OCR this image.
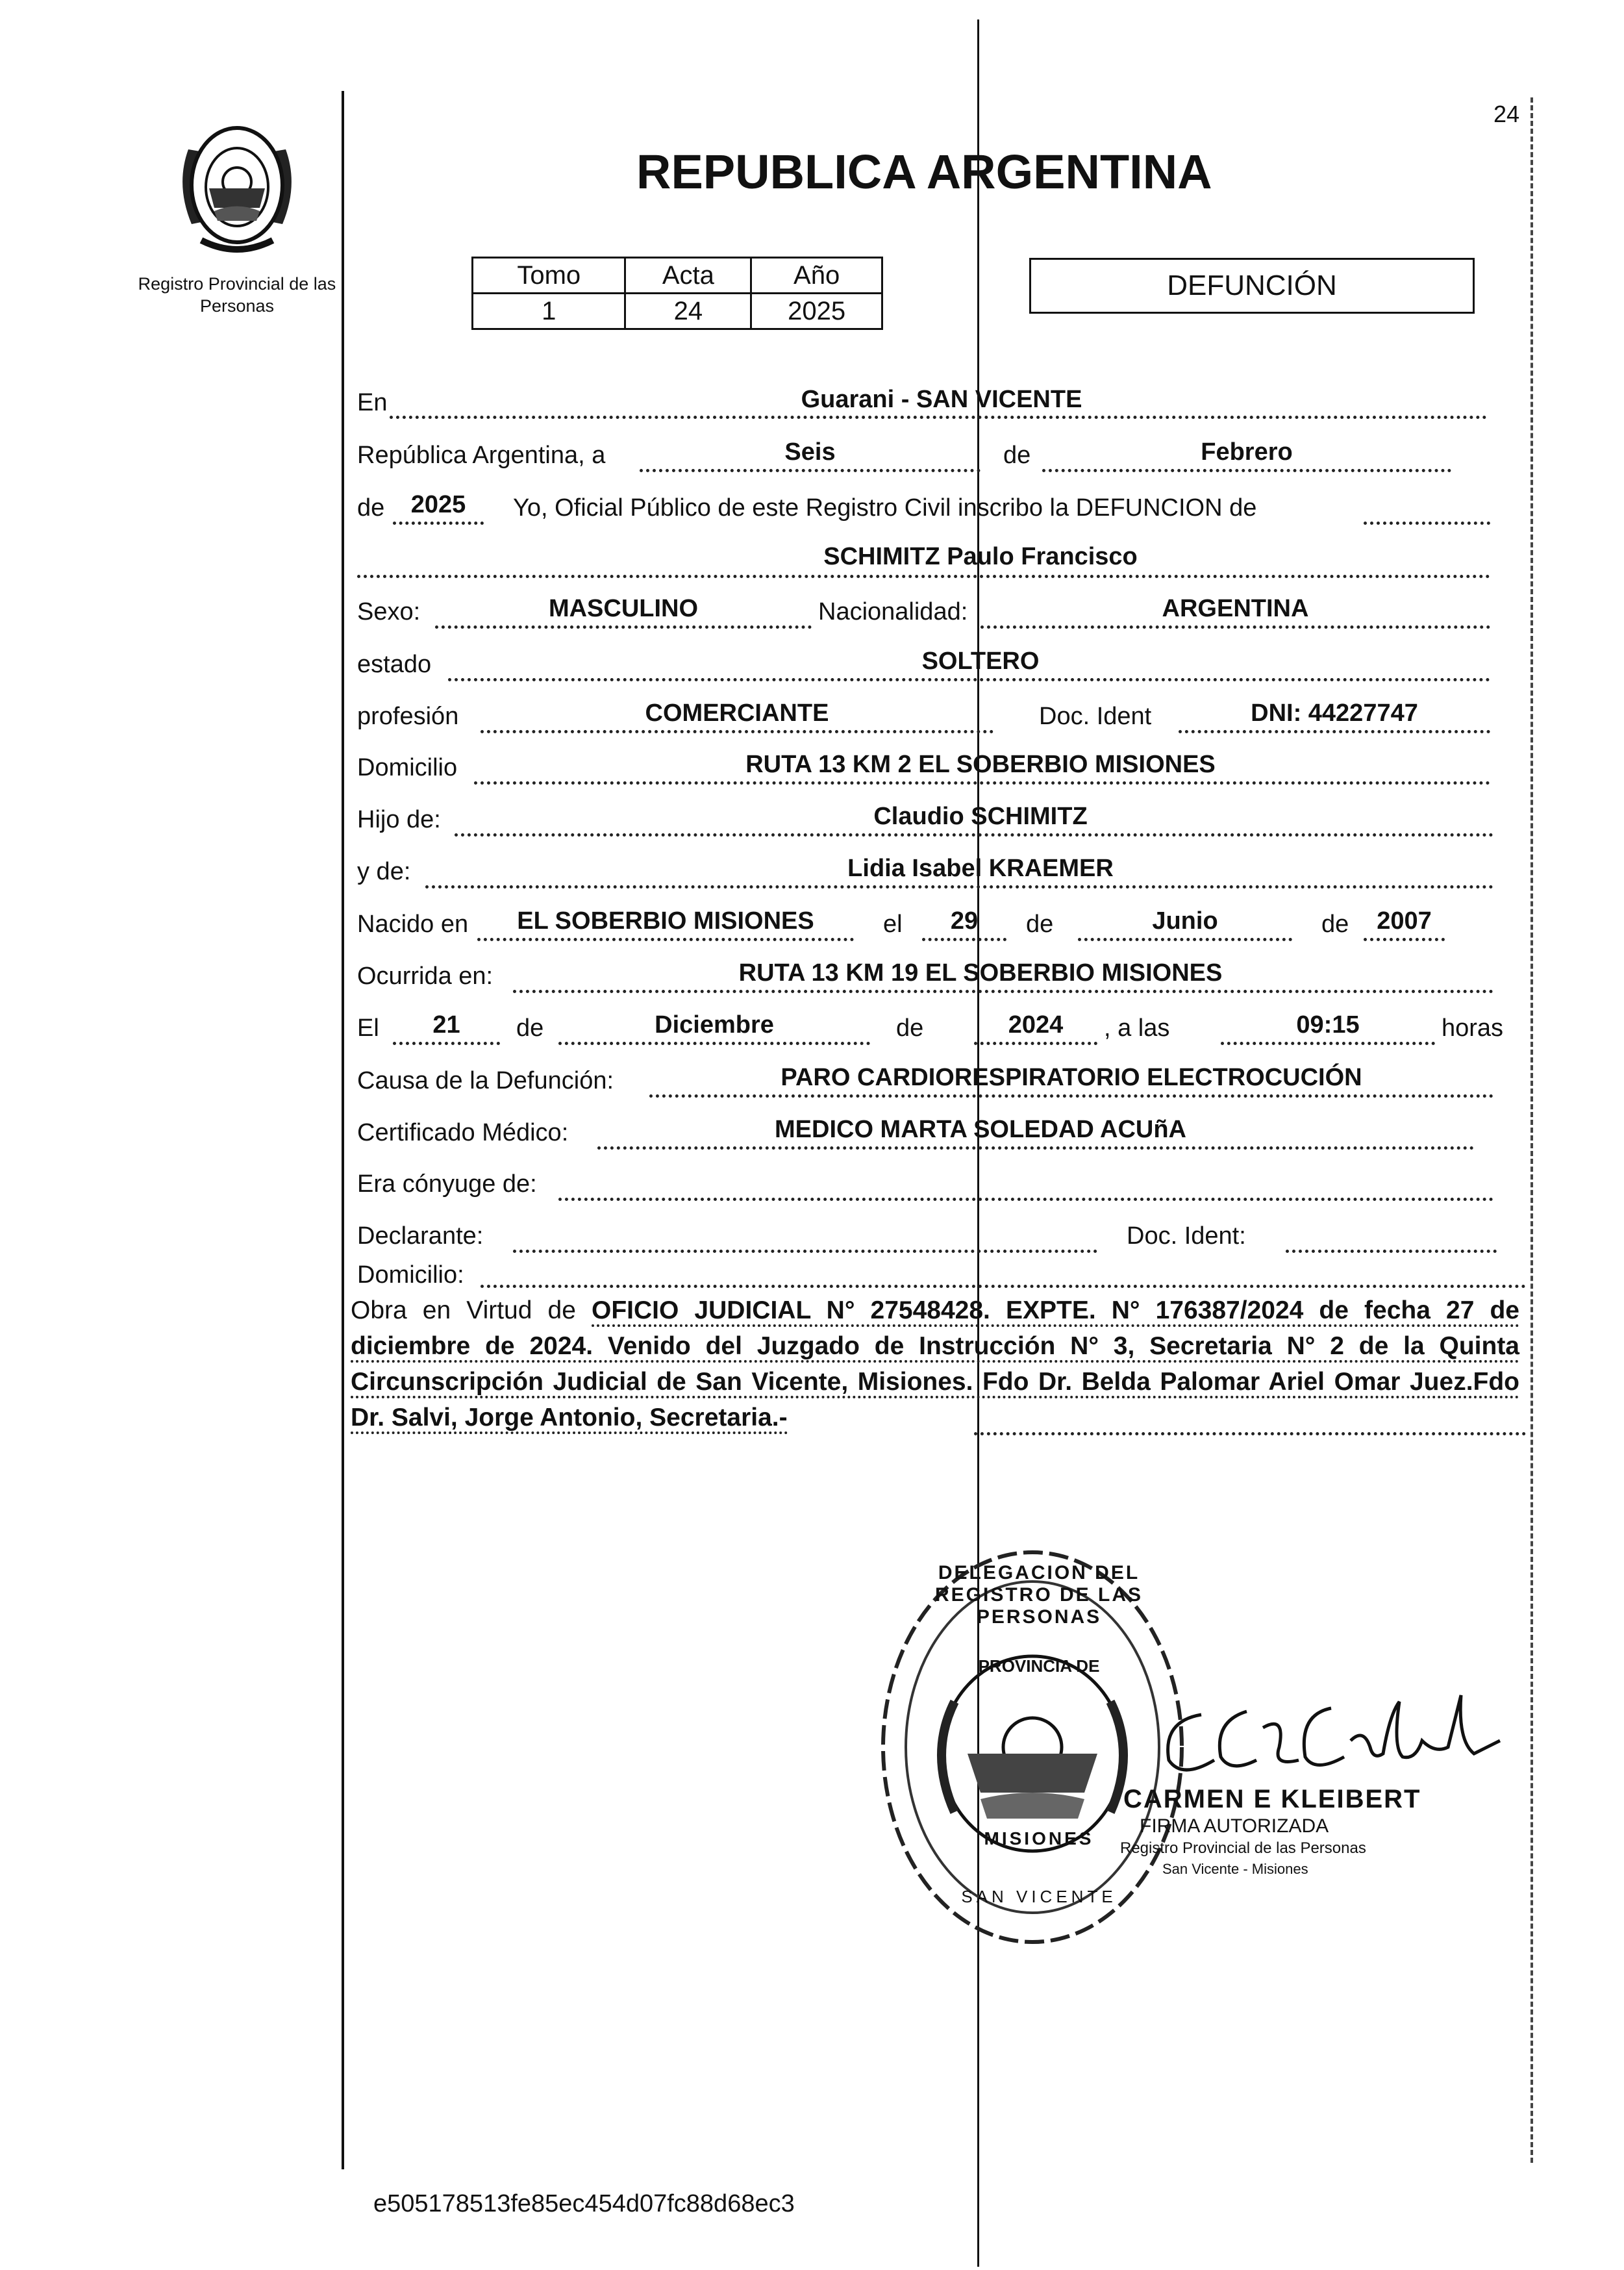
24
Registro Provincial de las Personas
REPUBLICA ARGENTINA
Tomo	Acta	Año
1	24	2025
DEFUNCIÓN
En	Guarani - SAN VICENTE
República Argentina, a	Seis	de	Febrero
de	2025	Yo, Oficial Público de este Registro Civil inscribo la DEFUNCION de
SCHIMITZ Paulo Francisco
Sexo:	MASCULINO	Nacionalidad:	ARGENTINA
estado	SOLTERO
profesión	COMERCIANTE	Doc. Ident	DNI: 44227747
Domicilio	RUTA 13 KM 2 EL SOBERBIO MISIONES
Hijo de:	Claudio SCHIMITZ
y de:	Lidia Isabel KRAEMER
Nacido en	EL SOBERBIO MISIONES	el	29	de	Junio	de	2007
Ocurrida en:	RUTA 13 KM 19 EL SOBERBIO MISIONES
El	21	de	Diciembre	de	2024	, a las	09:15	horas
Causa de la Defunción:	PARO CARDIORESPIRATORIO ELECTROCUCIÓN
Certificado Médico:	MEDICO MARTA SOLEDAD ACUñA
Era cónyuge de:
Declarante:	Doc. Ident:
Domicilio:
Obra en Virtud de OFICIO JUDICIAL N° 27548428. EXPTE. N° 176387/2024 de fecha 27 de diciembre de 2024. Venido del Juzgado de Instrucción N° 3, Secretaria N° 2 de la Quinta Circunscripción Judicial de San Vicente, Misiones. Fdo Dr. Belda Palomar Ariel Omar Juez.Fdo Dr. Salvi, Jorge Antonio, Secretaria.-
DELEGACION DEL REGISTRO DE LAS PERSONAS
PROVINCIA DE
MISIONES
SAN VICENTE
CARMEN E KLEIBERT
FIRMA AUTORIZADA
Registro Provincial de las Personas
San Vicente - Misiones
e505178513fe85ec454d07fc88d68ec3
